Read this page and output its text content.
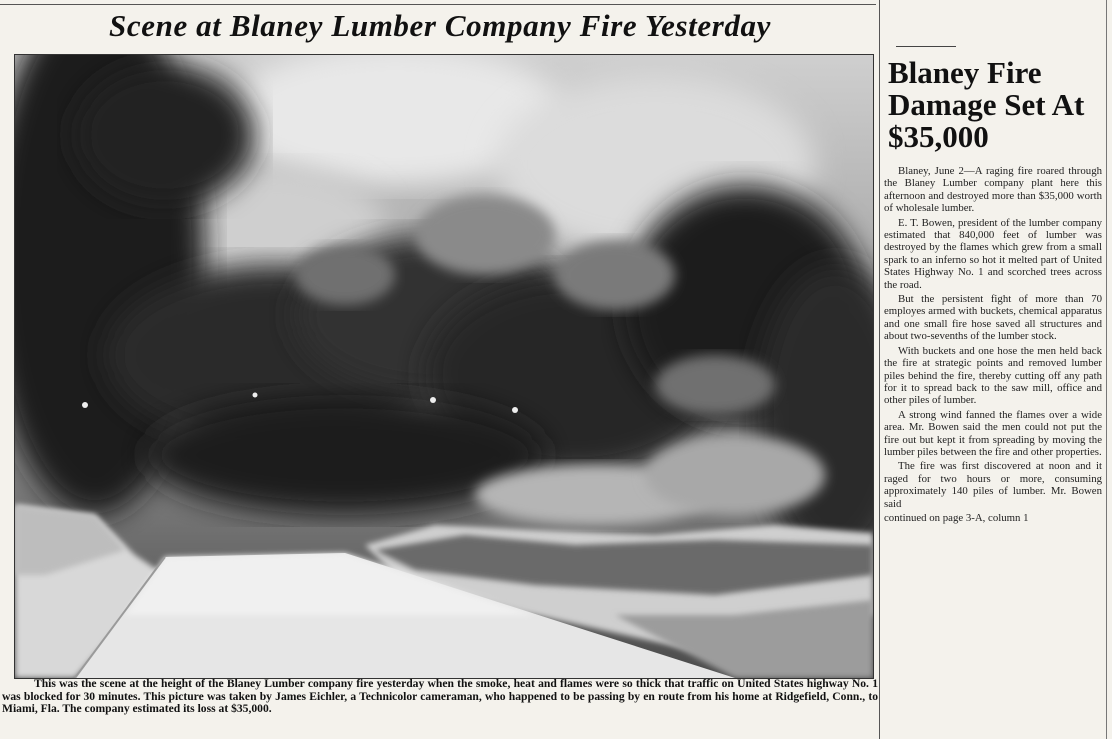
Scene at Blaney Lumber Company Fire Yesterday

This was the scene at the height of the Blaney Lumber company fire yesterday when the smoke, heat and flames were so thick that traffic on United States highway No. 1 was blocked for 30 minutes. This picture was taken by James Eichler, a Technicolor cameraman, who happened to be passing by en route from his home at Ridgefield, Conn., to Miami, Fla. The company estimated its loss at $35,000.

Blaney Fire Damage Set At $35,000

Blaney, June 2—A raging fire roared through the Blaney Lumber company plant here this afternoon and destroyed more than $35,000 worth of wholesale lumber.

E. T. Bowen, president of the lumber company estimated that 840,000 feet of lumber was destroyed by the flames which grew from a small spark to an inferno so hot it melted part of United States Highway No. 1 and scorched trees across the road.

But the persistent fight of more than 70 employes armed with buckets, chemical apparatus and one small fire hose saved all structures and about two-sevenths of the lumber stock.

With buckets and one hose the men held back the fire at strategic points and removed lumber piles behind the fire, thereby cutting off any path for it to spread back to the saw mill, office and other piles of lumber.

A strong wind fanned the flames over a wide area. Mr. Bowen said the men could not put the fire out but kept it from spreading by moving the lumber piles between the fire and other properties.

The fire was first discovered at noon and it raged for two hours or more, consuming approximately 140 piles of lumber. Mr. Bowen said

continued on page 3-A, column 1
